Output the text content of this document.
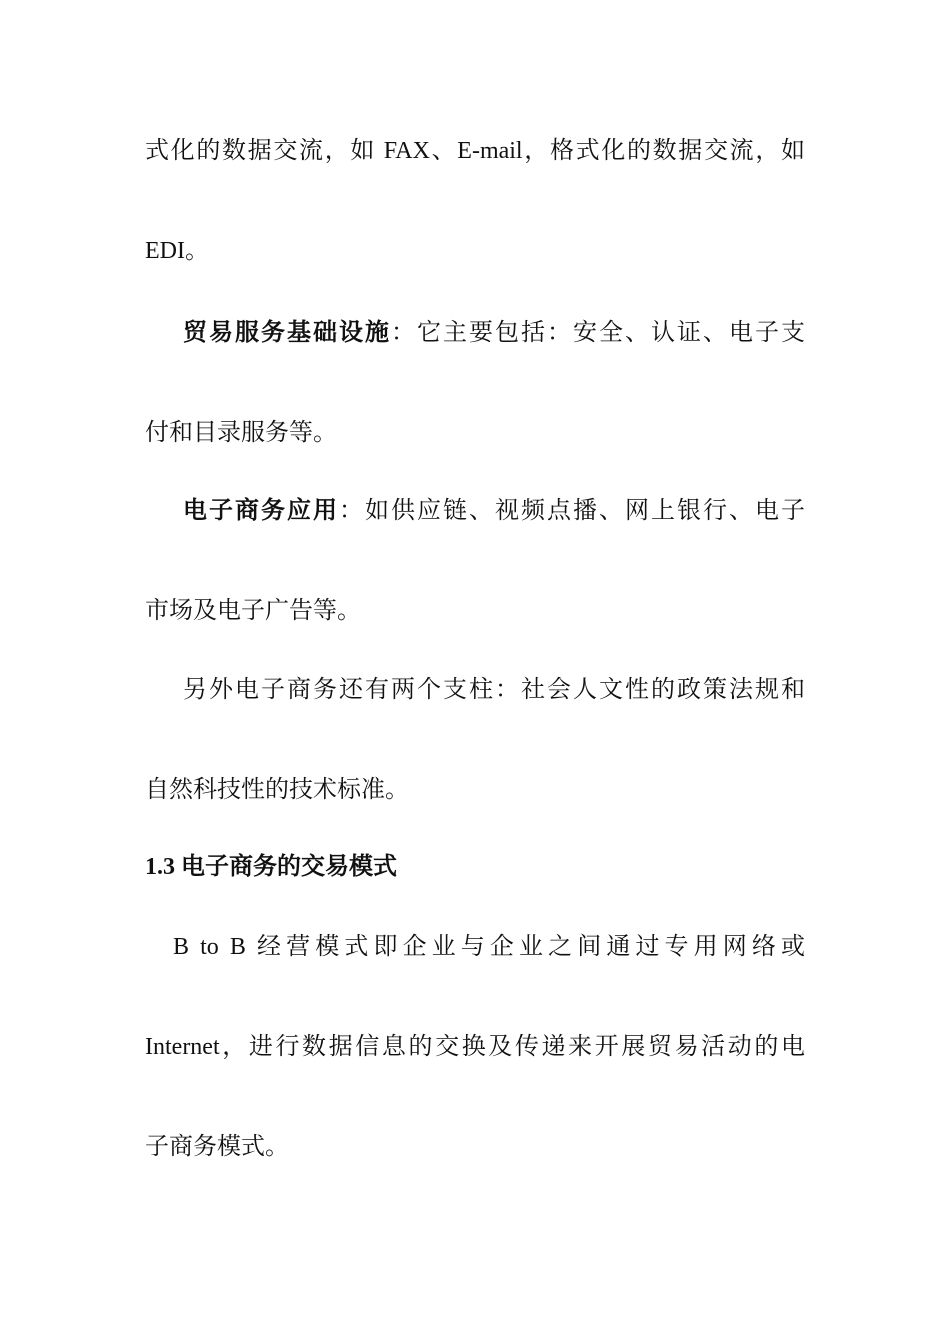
式化的数据交流，如 FAX、E-mail，格式化的数据交流，如
EDI。
贸易服务基础设施：它主要包括：安全、认证、电子支
付和目录服务等。
电子商务应用：如供应链、视频点播、网上银行、电子
市场及电子广告等。
另外电子商务还有两个支柱：社会人文性的政策法规和
自然科技性的技术标准。
1.3 电子商务的交易模式
B to B 经营模式即企业与企业之间通过专用网络或
Internet，进行数据信息的交换及传递来开展贸易活动的电
子商务模式。
